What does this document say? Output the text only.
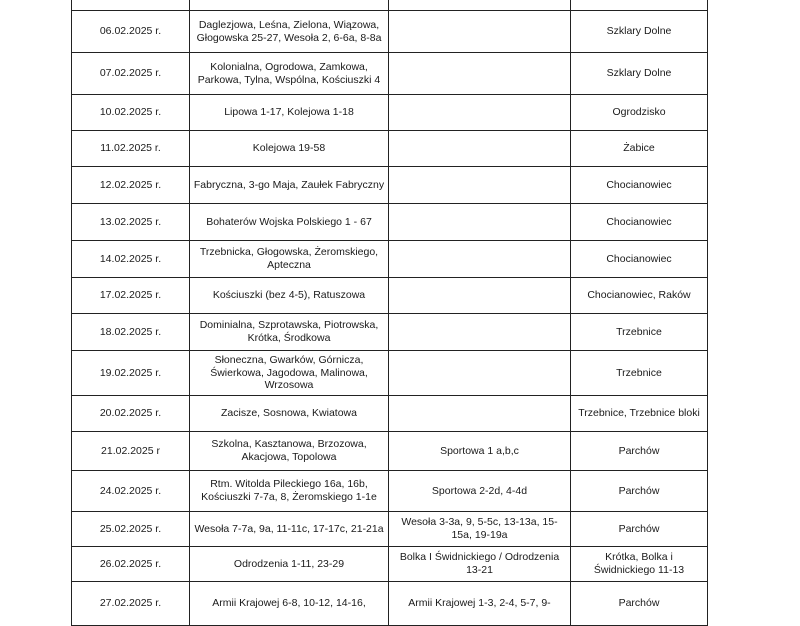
06.02.2025 r.	Daglezjowa, Leśna, Zielona, Wiązowa, Głogowska 25-27, Wesoła 2, 6-6a, 8-8a		Szklary Dolne
07.02.2025 r.	Kolonialna, Ogrodowa, Zamkowa, Parkowa, Tylna, Wspólna, Kościuszki 4		Szklary Dolne
10.02.2025 r.	Lipowa 1-17, Kolejowa 1-18		Ogrodzisko
11.02.2025 r.	Kolejowa 19-58		Żabice
12.02.2025 r.	Fabryczna, 3-go Maja, Zaułek Fabryczny		Chocianowiec
13.02.2025 r.	Bohaterów Wojska Polskiego 1 - 67		Chocianowiec
14.02.2025 r.	Trzebnicka, Głogowska, Żeromskiego, Apteczna		Chocianowiec
17.02.2025 r.	Kościuszki (bez 4-5), Ratuszowa		Chocianowiec, Raków
18.02.2025 r.	Dominialna, Szprotawska, Piotrowska, Krótka, Środkowa		Trzebnice
19.02.2025 r.	Słoneczna, Gwarków, Górnicza, Świerkowa, Jagodowa, Malinowa, Wrzosowa		Trzebnice
20.02.2025 r.	Zacisze, Sosnowa, Kwiatowa		Trzebnice, Trzebnice bloki
21.02.2025 r	Szkolna, Kasztanowa, Brzozowa, Akacjowa, Topolowa	Sportowa 1 a,b,c	Parchów
24.02.2025 r.	Rtm. Witolda Pileckiego 16a, 16b, Kościuszki 7-7a, 8, Żeromskiego 1-1e	Sportowa 2-2d, 4-4d	Parchów
25.02.2025 r.	Wesoła 7-7a, 9a, 11-11c, 17-17c, 21-21a	Wesoła 3-3a, 9, 5-5c, 13-13a, 15-15a, 19-19a	Parchów
26.02.2025 r.	Odrodzenia 1-11, 23-29	Bolka I Świdnickiego / Odrodzenia 13-21	Krótka, Bolka i Świdnickiego 11-13
27.02.2025 r.	Armii Krajowej 6-8, 10-12, 14-16,	Armii Krajowej 1-3, 2-4, 5-7, 9-	Parchów
